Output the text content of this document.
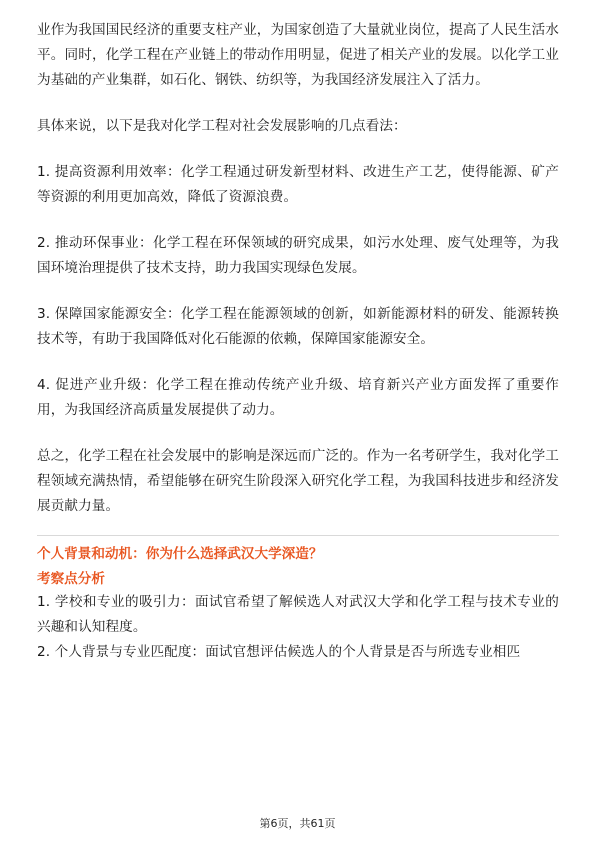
业作为我国国民经济的重要支柱产业，为国家创造了大量就业岗位，提高了人民生活水平。同时，化学工程在产业链上的带动作用明显，促进了相关产业的发展。以化学工业为基础的产业集群，如石化、钢铁、纺织等，为我国经济发展注入了活力。

具体来说，以下是我对化学工程对社会发展影响的几点看法：

1. 提高资源利用效率：化学工程通过研发新型材料、改进生产工艺，使得能源、矿产等资源的利用更加高效，降低了资源浪费。

2. 推动环保事业：化学工程在环保领域的研究成果，如污水处理、废气处理等，为我国环境治理提供了技术支持，助力我国实现绿色发展。

3. 保障国家能源安全：化学工程在能源领域的创新，如新能源材料的研发、能源转换技术等，有助于我国降低对化石能源的依赖，保障国家能源安全。

4. 促进产业升级：化学工程在推动传统产业升级、培育新兴产业方面发挥了重要作用，为我国经济高质量发展提供了动力。

总之，化学工程在社会发展中的影响是深远而广泛的。作为一名考研学生，我对化学工程领域充满热情，希望能够在研究生阶段深入研究化学工程，为我国科技进步和经济发展贡献力量。

个人背景和动机：你为什么选择武汉大学深造？

考察点分析

1. 学校和专业的吸引力：面试官希望了解候选人对武汉大学和化学工程与技术专业的兴趣和认知程度。

2. 个人背景与专业匹配度：面试官想评估候选人的个人背景是否与所选专业相匹

第6页，共61页
